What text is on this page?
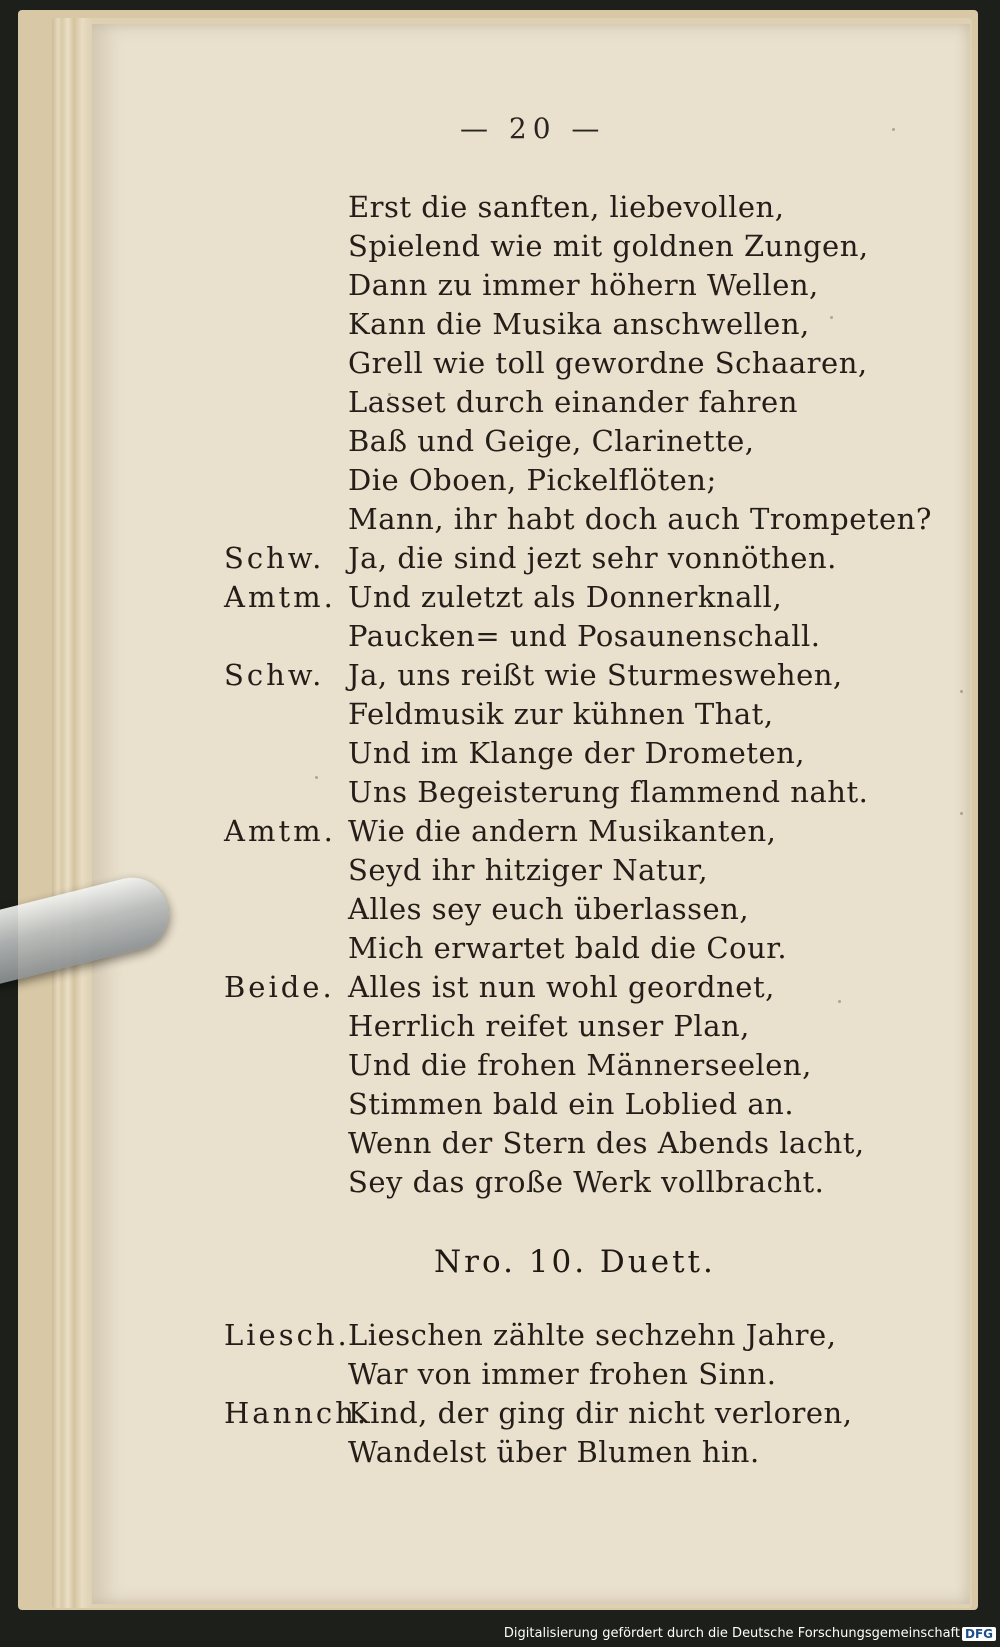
— 20 —
Erst die sanften, liebevollen,
Spielend wie mit goldnen Zungen,
Dann zu immer höhern Wellen,
Kann die Musika anschwellen,
Grell wie toll gewordne Schaaren,
Lasset durch einander fahren
Baß und Geige, Clarinette,
Die Oboen, Pickelflöten;
Mann, ihr habt doch auch Trompeten?
Schw. Ja, die sind jezt sehr vonnöthen.
Amtm. Und zuletzt als Donnerknall,
Paucken= und Posaunenschall.
Schw. Ja, uns reißt wie Sturmeswehen,
Feldmusik zur kühnen That,
Und im Klange der Drometen,
Uns Begeisterung flammend naht.
Amtm. Wie die andern Musikanten,
Seyd ihr hitziger Natur,
Alles sey euch überlassen,
Mich erwartet bald die Cour.
Beide. Alles ist nun wohl geordnet,
Herrlich reifet unser Plan,
Und die frohen Männerseelen,
Stimmen bald ein Loblied an.
Wenn der Stern des Abends lacht,
Sey das große Werk vollbracht.
Nro. 10. Duett.
Liesch.
Lieschen zählte sechzehn Jahre,
War von immer frohen Sinn.
Hannch.
Kind, der ging dir nicht verloren,
Wandelst über Blumen hin.
Digitalisierung gefördert durch die Deutsche Forschungsgemeinschaft DFG
